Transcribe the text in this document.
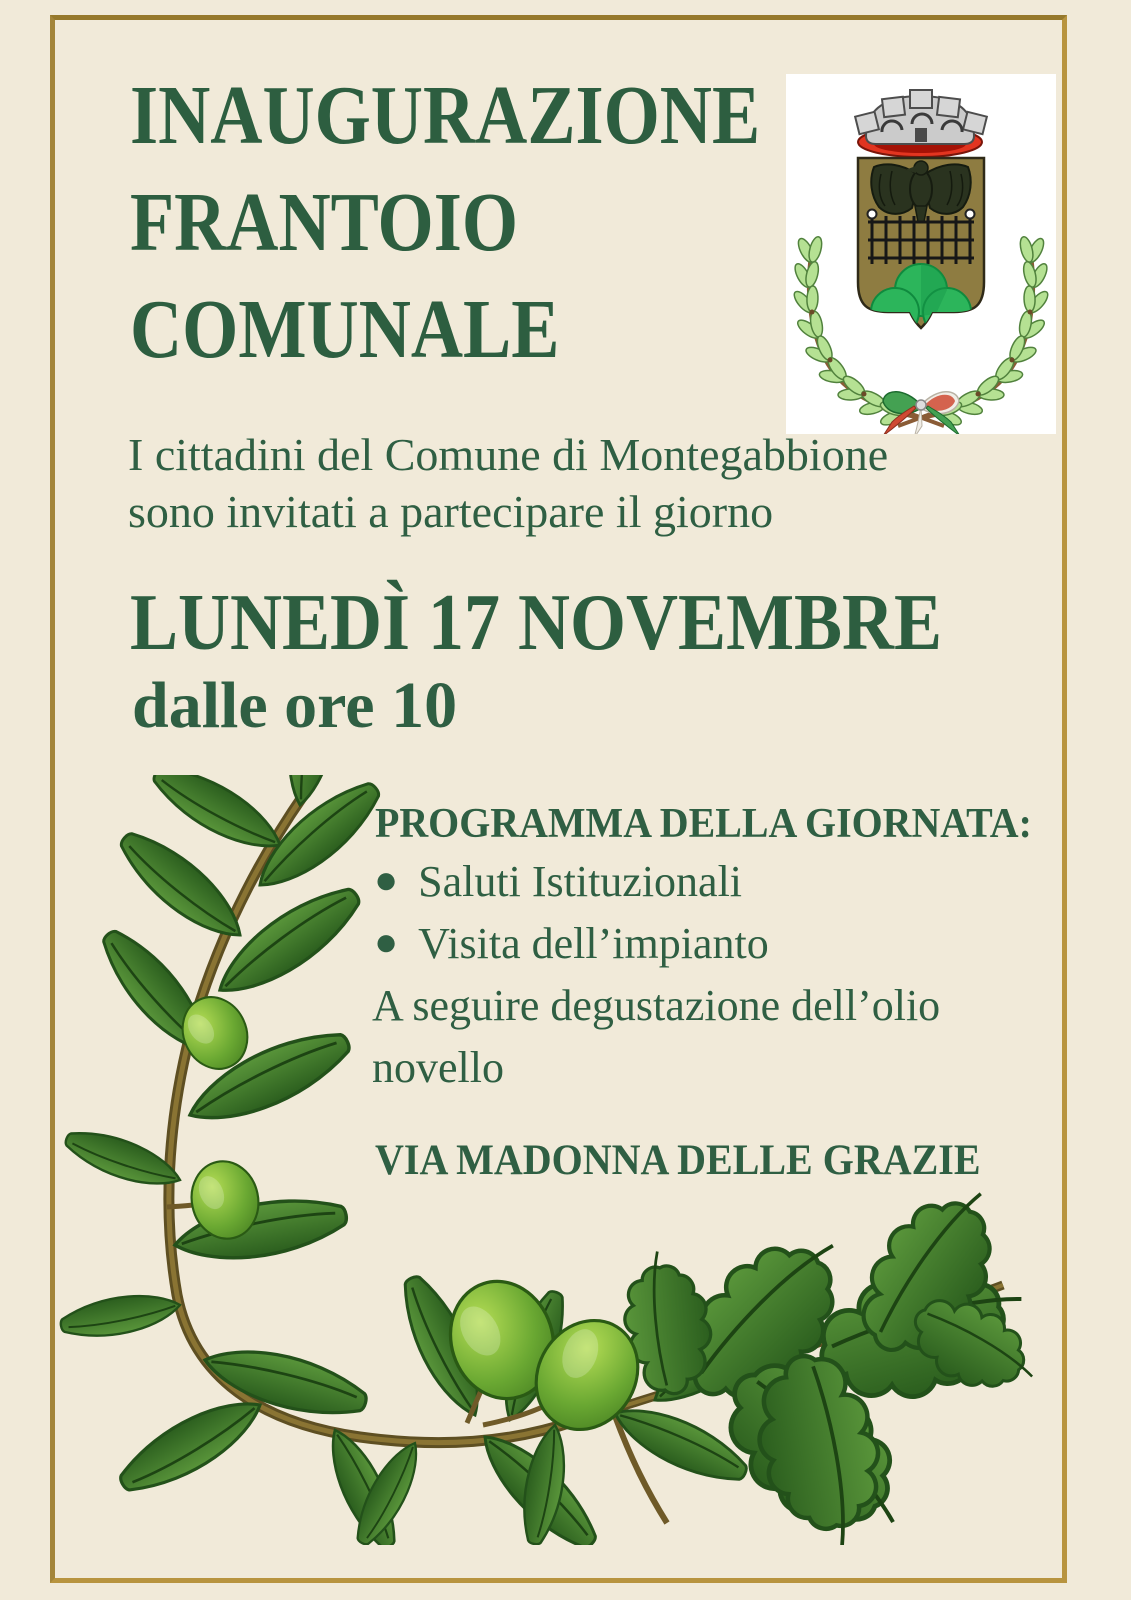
INAUGURAZIONE
FRANTOIO
COMUNALE

I cittadini del Comune di Montegabbione
sono invitati a partecipare il giorno

LUNEDÌ 17 NOVEMBRE
dalle ore 10
PROGRAMMA DELLA GIORNATA:
● Saluti Istituzionali
● Visita dell’impianto
A seguire degustazione dell’olio
novello
VIA MADONNA DELLE GRAZIE
